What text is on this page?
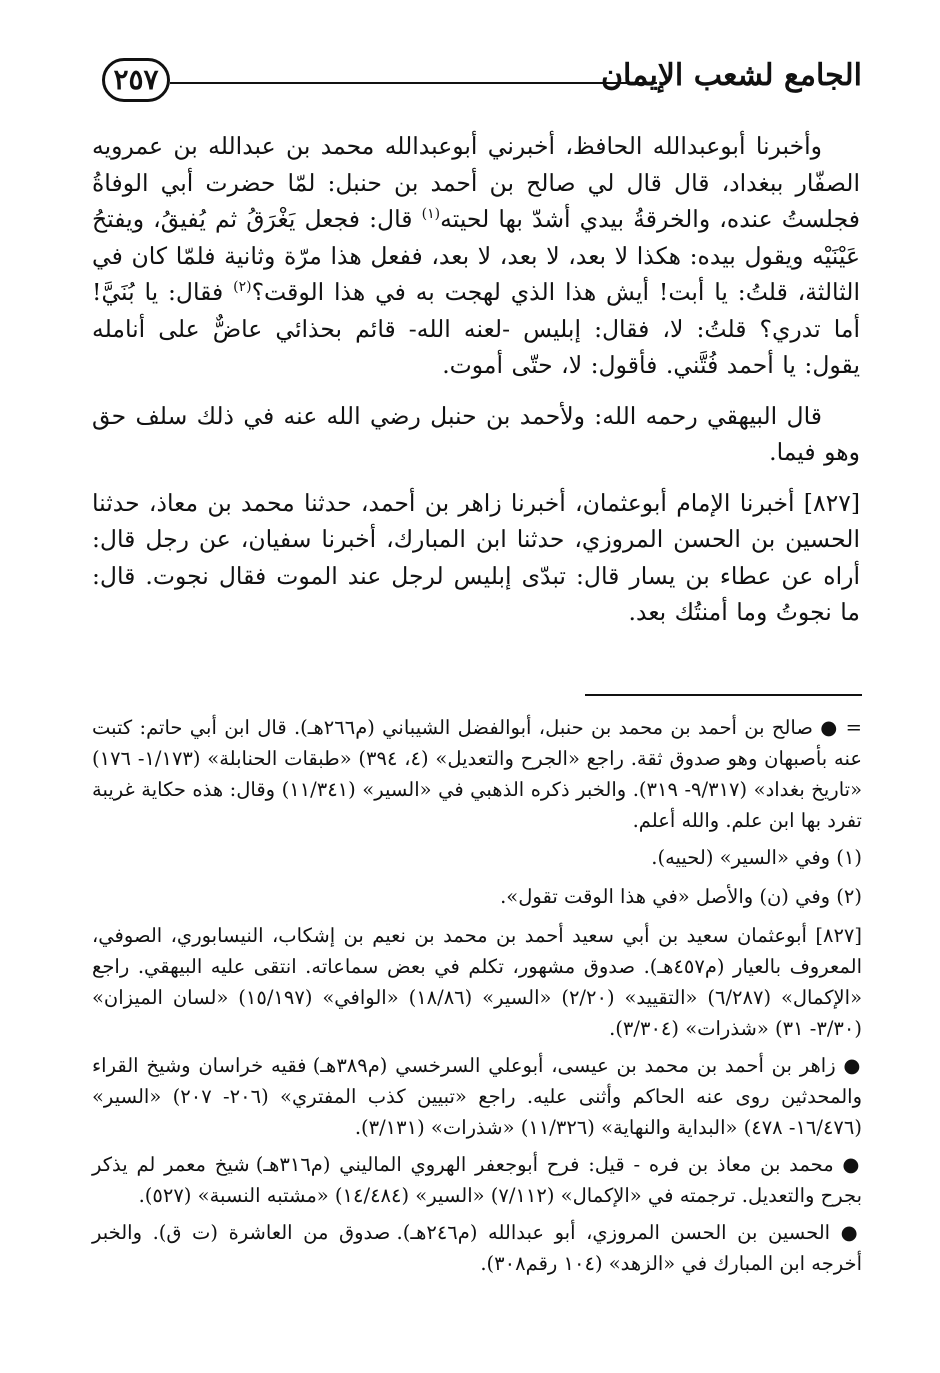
الجامع لشعب الإيمان
٢٥٧

وأخبرنا أبوعبدالله الحافظ، أخبرني أبوعبدالله محمد بن عبدالله بن عمرويه الصفّار ببغداد، قال قال لي صالح بن أحمد بن حنبل: لمّا حضرت أبي الوفاةُ فجلستُ عنده، والخرقةُ بيدي أشدّ بها لحيته$^{(١)}$ قال: فجعل يَغْرَقُ ثم يُفيقُ، ويفتحُ عَيْنَيْه ويقول بيده: هكذا لا بعد، لا بعد، لا بعد، ففعل هذا مرّة وثانية فلمّا كان في الثالثة، قلتُ: يا أبت! أيش هذا الذي لهجت به في هذا الوقت؟$^{(٢)}$ فقال: يا بُنَيَّ! أما تدري؟ قلتُ: لا، فقال: إبليس -لعنه الله- قائم بحذائي عاضٌّ على أنامله يقول: يا أحمد فُتَّني. فأقول: لا، حتّى أموت.

قال البيهقي رحمه الله: ولأحمد بن حنبل رضي الله عنه في ذلك سلف حق وهو فيما.

[٨٢٧] أخبرنا الإمام أبوعثمان، أخبرنا زاهر بن أحمد، حدثنا محمد بن معاذ، حدثنا الحسين بن الحسن المروزي، حدثنا ابن المبارك، أخبرنا سفيان، عن رجل قال: أراه عن عطاء بن يسار قال: تبدّى إبليس لرجل عند الموت فقال نجوت. قال: ما نجوتُ وما أمنتُك بعد.

= ● صالح بن أحمد بن محمد بن حنبل، أبوالفضل الشيباني (م٢٦٦هـ). قال ابن أبي حاتم: كتبت عنه بأصبهان وهو صدوق ثقة. راجع «الجرح والتعديل» (٤، ٣٩٤) «طبقات الحنابلة» (١/١٧٣- ١٧٦) «تاريخ بغداد» (٩/٣١٧- ٣١٩). والخبر ذكره الذهبي في «السير» (١١/٣٤١) وقال: هذه حكاية غريبة تفرد بها ابن علم. والله أعلم.

(١) وفي «السير» (لحييه).

(٢) وفي (ن) والأصل «في هذا الوقت تقول».

[٨٢٧] أبوعثمان سعيد بن أبي سعيد أحمد بن محمد بن نعيم بن إشكاب، النيسابوري، الصوفي، المعروف بالعيار (م٤٥٧هـ). صدوق مشهور، تكلم في بعض سماعاته. انتقى عليه البيهقي. راجع «الإكمال» (٦/٢٨٧) «التقييد» (٢/٢٠) «السير» (١٨/٨٦) «الوافي» (١٥/١٩٧) «لسان الميزان» (٣/٣٠- ٣١) «شذرات» (٣/٣٠٤).

● زاهر بن أحمد بن محمد بن عيسى، أبوعلي السرخسي (م٣٨٩هـ) فقيه خراسان وشيخ القراء والمحدثين روى عنه الحاكم وأثنى عليه. راجع «تبيين كذب المفتري» (٢٠٦- ٢٠٧) «السير» (١٦/٤٧٦- ٤٧٨) «البداية والنهاية» (١١/٣٢٦) «شذرات» (٣/١٣١).

● محمد بن معاذ بن فره - قيل: فرح أبوجعفر الهروي الماليني (م٣١٦هـ) شيخ معمر لم يذكر بجرح والتعديل. ترجمته في «الإكمال» (٧/١١٢) «السير» (١٤/٤٨٤) «مشتبه النسبة» (٥٢٧).

● الحسين بن الحسن المروزي، أبو عبدالله (م٢٤٦هـ). صدوق من العاشرة (ت ق). والخبر أخرجه ابن المبارك في «الزهد» (١٠٤ رقم٣٠٨).
